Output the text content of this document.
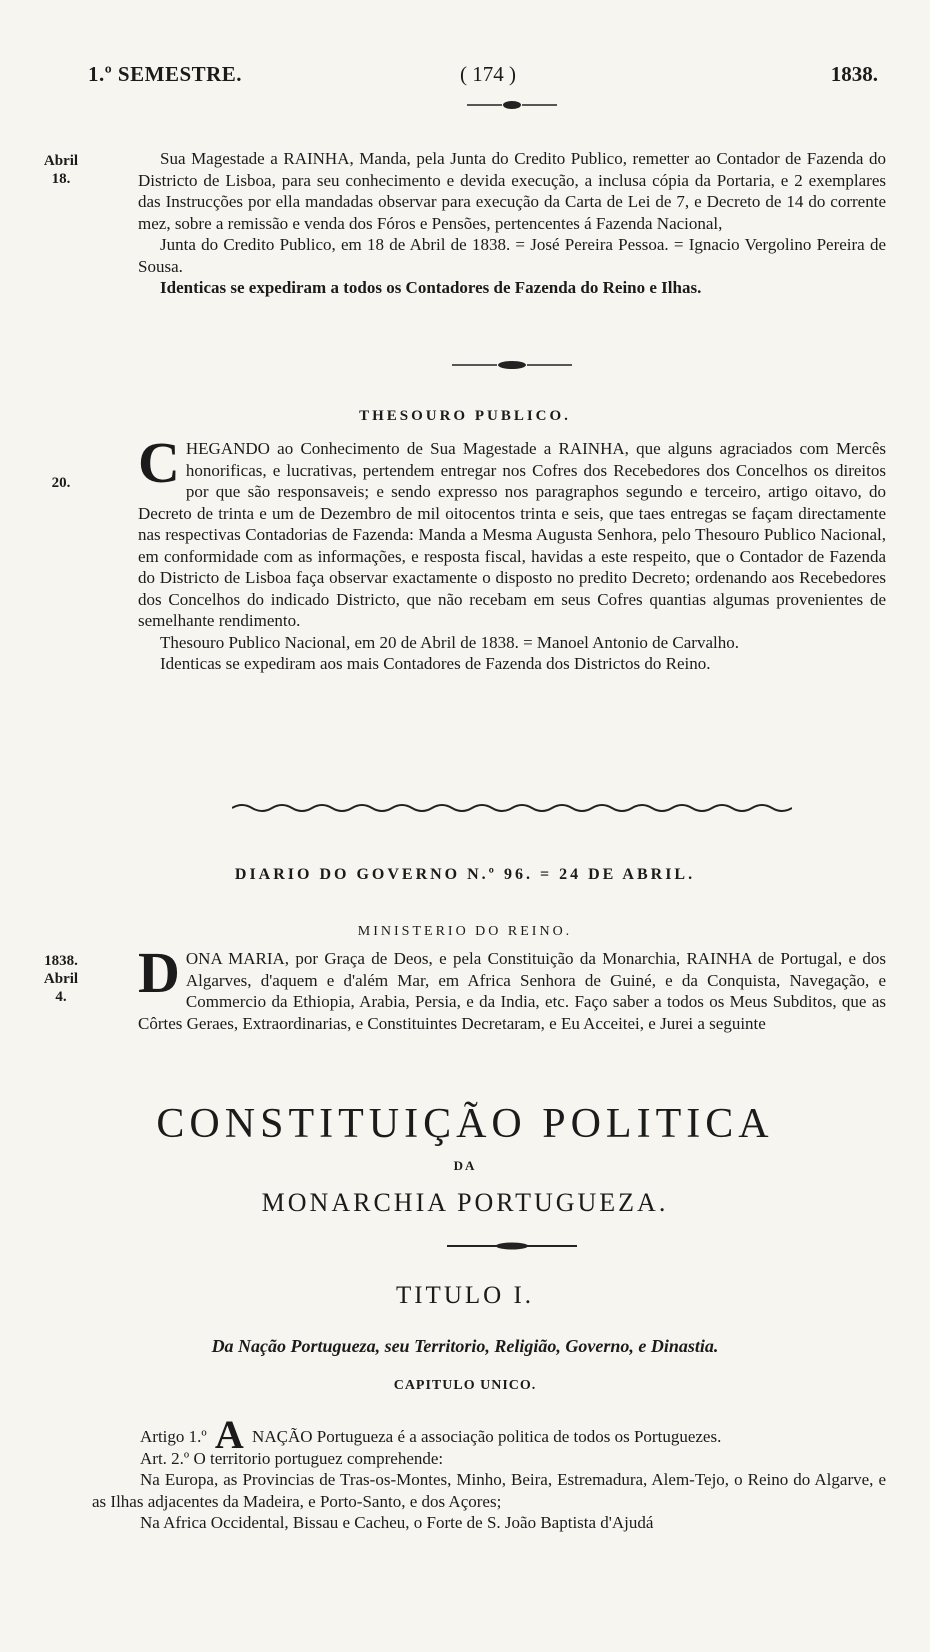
1.º SEMESTRE.	( 174 )	1838.
Abril
18.

Sua Magestade a RAINHA, Manda, pela Junta do Credito Publico, remetter ao Contador de Fazenda do Districto de Lisboa, para seu conhecimento e devida execução, a inclusa cópia da Portaria, e 2 exemplares das Instrucções por ella mandadas observar para execução da Carta de Lei de 7, e Decreto de 14 do corrente mez, sobre a remissão e venda dos Fóros e Pensões, pertencentes á Fazenda Nacional,

Junta do Credito Publico, em 18 de Abril de 1838. = José Pereira Pessoa. = Ignacio Vergolino Pereira de Sousa.

Identicas se expediram a todos os Contadores de Fazenda do Reino e Ilhas.

THESOURO PUBLICO.
20.	C HEGANDO ao Conhecimento de Sua Magestade a RAINHA, que alguns agraciados com Mercês honorificas, e lucrativas, pertendem entregar nos Cofres dos Recebedores dos Concelhos os direitos por que são responsaveis; e sendo expresso nos paragraphos segundo e terceiro, artigo oitavo, do Decreto de trinta e um de Dezembro de mil oitocentos trinta e seis, que taes entregas se façam directamente nas respectivas Contadorias de Fazenda: Manda a Mesma Augusta Senhora, pelo Thesouro Publico Nacional, em conformidade com as informações, e resposta fiscal, havidas a este respeito, que o Contador de Fazenda do Districto de Lisboa faça observar exactamente o disposto no predito Decreto; ordenando aos Recebedores dos Concelhos do indicado Districto, que não recebam em seus Cofres quantias algumas provenientes de semelhante rendimento.

Thesouro Publico Nacional, em 20 de Abril de 1838. = Manoel Antonio de Carvalho.

Identicas se expediram aos mais Contadores de Fazenda dos Districtos do Reino.

DIARIO DO GOVERNO N.º 96. = 24 DE ABRIL.
MINISTERIO DO REINO.
1838.
Abril
4.	D ONA MARIA, por Graça de Deos, e pela Constituição da Monarchia, RAINHA de Portugal, e dos Algarves, d'aquem e d'além Mar, em Africa Senhora de Guiné, e da Conquista, Navegação, e Commercio da Ethiopia, Arabia, Persia, e da India, etc. Faço saber a todos os Meus Subditos, que as Côrtes Geraes, Extraordinarias, e Constituintes Decretaram, e Eu Acceitei, e Jurei a seguinte

CONSTITUIÇÃO POLITICA
DA
MONARCHIA PORTUGUEZA.
TITULO I.
Da Nação Portugueza, seu Territorio, Religião, Governo, e Dinastia.
CAPITULO UNICO.

Artigo 1.º A NAÇÃO Portugueza é a associação politica de todos os Portuguezes.

Art. 2.º O territorio portuguez comprehende:

Na Europa, as Provincias de Tras-os-Montes, Minho, Beira, Estremadura, Alem-Tejo, o Reino do Algarve, e as Ilhas adjacentes da Madeira, e Porto-Santo, e dos Açores;

Na Africa Occidental, Bissau e Cacheu, o Forte de S. João Baptista d'Ajudá
